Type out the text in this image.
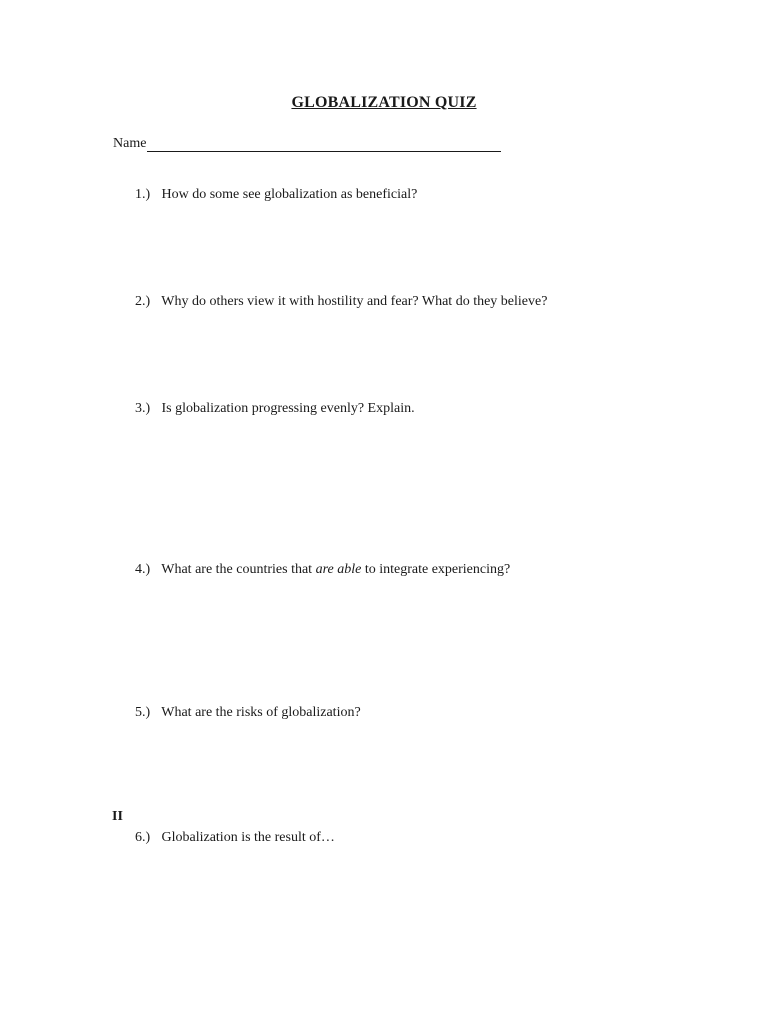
GLOBALIZATION QUIZ
Name
1.) How do some see globalization as beneficial?
2.) Why do others view it with hostility and fear? What do they believe?
3.) Is globalization progressing evenly? Explain.
4.) What are the countries that are able to integrate experiencing?
5.) What are the risks of globalization?
II
6.) Globalization is the result of…
